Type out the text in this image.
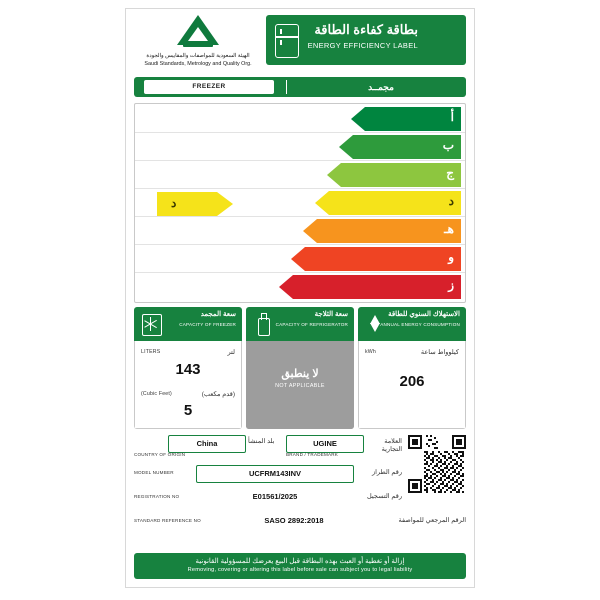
الهيئة السعودية للمواصفات والمقاييس والجودة
Saudi Standards, Metrology and Quality Org.
بطاقة كفاءة الطاقة
ENERGY EFFICIENCY LABEL
FREEZER	مجمــد
أ
ب
ج
د	د
هـ
و
ز
سعة المجمد
CAPACITY OF FREEZER
LITERS	لتر
143
(Cubic Feet)	(قدم مكعب)
5
سعة الثلاجة
CAPACITY OF REFRIGERATOR
لا ينطبق
NOT APPLICABLE
الاستهلاك السنوي للطاقة
ANNUAL ENERGY CONSUMPTION
kWh	كيلوواط ساعة
206
China
COUNTRY OF ORIGIN
بلد المنشأ	UGINE
BRAND / TRADEMARK
العلامة التجارية
MODEL NUMBER	UCFRM143INV	رقم الطراز
REGISTRATION NO	E01561/2025	رقم التسجيل
STANDARD REFERENCE NO	SASO 2892:2018	الرقم المرجعي للمواصفة
إزالة أو تغطية أو العبث بهذه البطاقة قبل البيع يعرضك للمسؤولية القانونية
Removing, covering or altering this label before sale can subject you to legal liability
